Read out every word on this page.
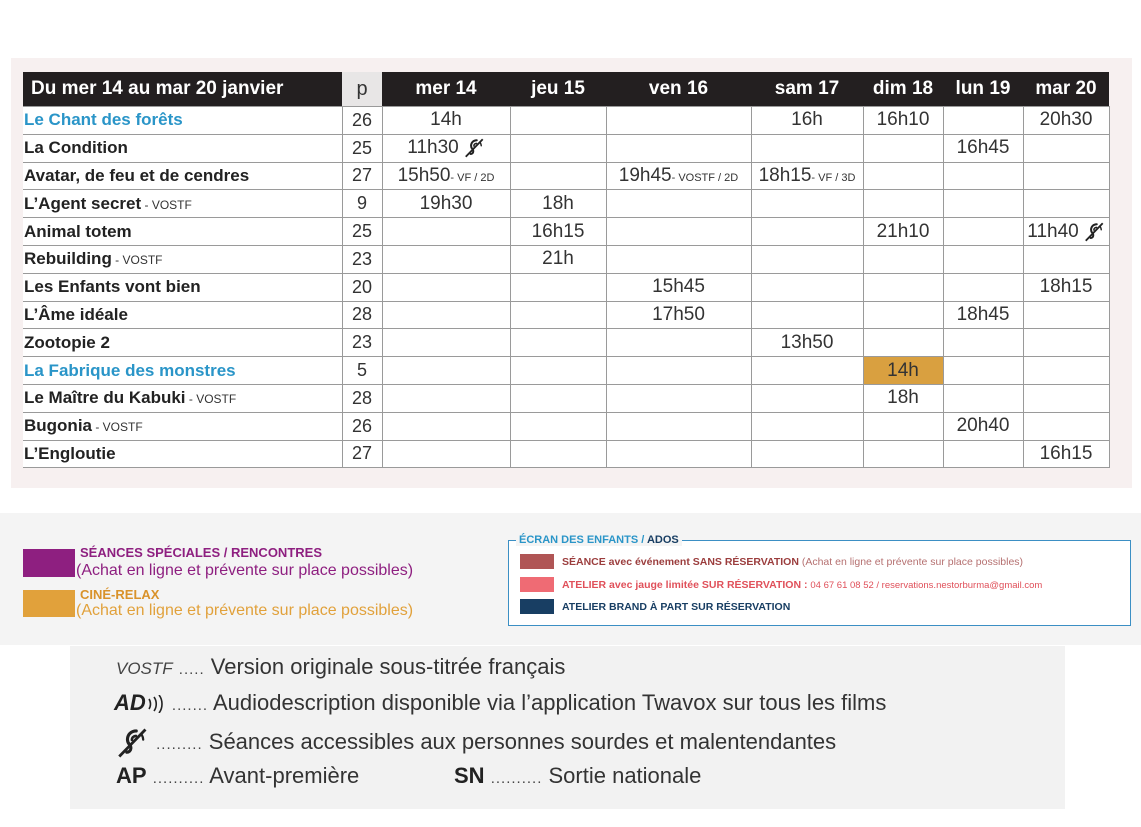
Du mer 14 au mar 20 janvier	p	mer 14	jeu 15	ven 16	sam 17	dim 18	lun 19	mar 20
Le Chant des forêts	26	14h			16h	16h10		20h30
La Condition	25	11h30					16h45	
Avatar, de feu et de cendres	27	15h50- VF / 2D		19h45- VOSTF / 2D	18h15- VF / 3D			
L’Agent secret - VOSTF	9	19h30	18h					
Animal totem	25		16h15			21h10		11h40
Rebuilding - VOSTF	23		21h					
Les Enfants vont bien	20			15h45				18h15
L’Âme idéale	28			17h50			18h45	
Zootopie 2	23				13h50			
La Fabrique des monstres	5					14h		
Le Maître du Kabuki - VOSTF	28					18h		
Bugonia - VOSTF	26						20h40	
L’Engloutie	27							16h15
SÉANCES SPÉCIALES / RENCONTRES
(Achat en ligne et prévente sur place possibles)
CINÉ-RELAX
(Achat en ligne et prévente sur place possibles)
ÉCRAN DES ENFANTS / ADOS
SÉANCE avec événement SANS RÉSERVATION (Achat en ligne et prévente sur place possibles)
ATELIER avec jauge limitée SUR RÉSERVATION : 04 67 61 08 52 / reservations.nestorburma@gmail.com
ATELIER BRAND À PART SUR RÉSERVATION
VOSTF ..... Version originale sous-titrée français
AD ....... Audiodescription disponible via l’application Twavox sur tous les films
......... Séances accessibles aux personnes sourdes et malentendantes
AP .......... Avant-première	SN .......... Sortie nationale
